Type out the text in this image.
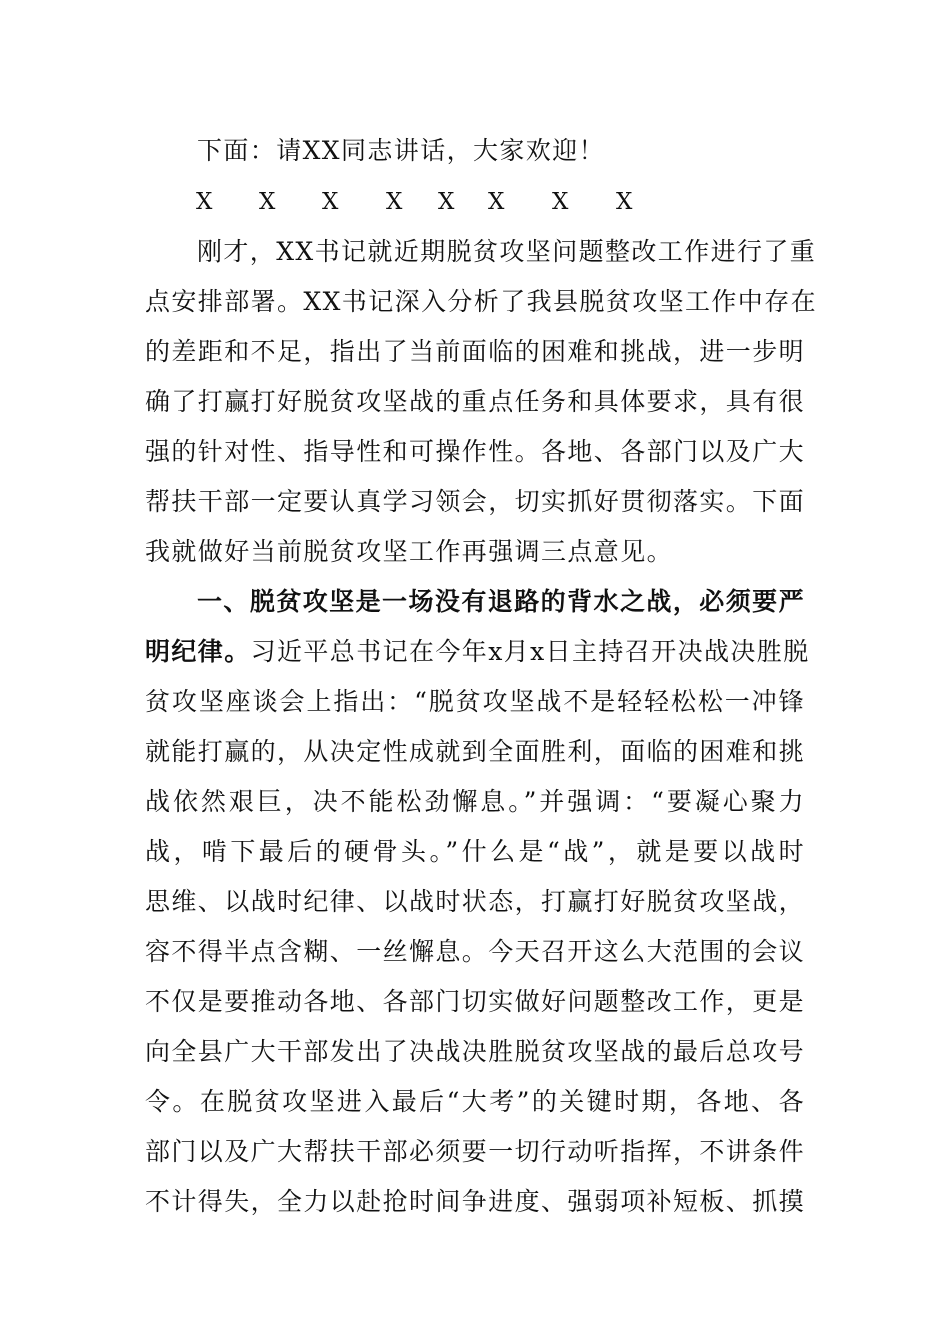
下面：请XX同志讲话，大家欢迎！
X X X X X X X X
刚才，XX书记就近期脱贫攻坚问题整改工作进行了重
点安排部署。XX书记深入分析了我县脱贫攻坚工作中存在
的差距和不足，指出了当前面临的困难和挑战，进一步明
确了打赢打好脱贫攻坚战的重点任务和具体要求，具有很
强的针对性、指导性和可操作性。各地、各部门以及广大
帮扶干部一定要认真学习领会，切实抓好贯彻落实。下面
我就做好当前脱贫攻坚工作再强调三点意见。
一、脱贫攻坚是一场没有退路的背水之战，必须要严
明纪律。习近平总书记在今年x月x日主持召开决战决胜脱
贫攻坚座谈会上指出：“脱贫攻坚战不是轻轻松松一冲锋
就能打赢的，从决定性成就到全面胜利，面临的困难和挑
战依然艰巨，决不能松劲懈息。”并强调：“要凝心聚力
战，啃下最后的硬骨头。”什么是“战”，就是要以战时
思维、以战时纪律、以战时状态，打赢打好脱贫攻坚战，
容不得半点含糊、一丝懈息。今天召开这么大范围的会议
不仅是要推动各地、各部门切实做好问题整改工作，更是
向全县广大干部发出了决战决胜脱贫攻坚战的最后总攻号
令。在脱贫攻坚进入最后“大考”的关键时期，各地、各
部门以及广大帮扶干部必须要一切行动听指挥，不讲条件
不计得失，全力以赴抢时间争进度、强弱项补短板、抓摸
